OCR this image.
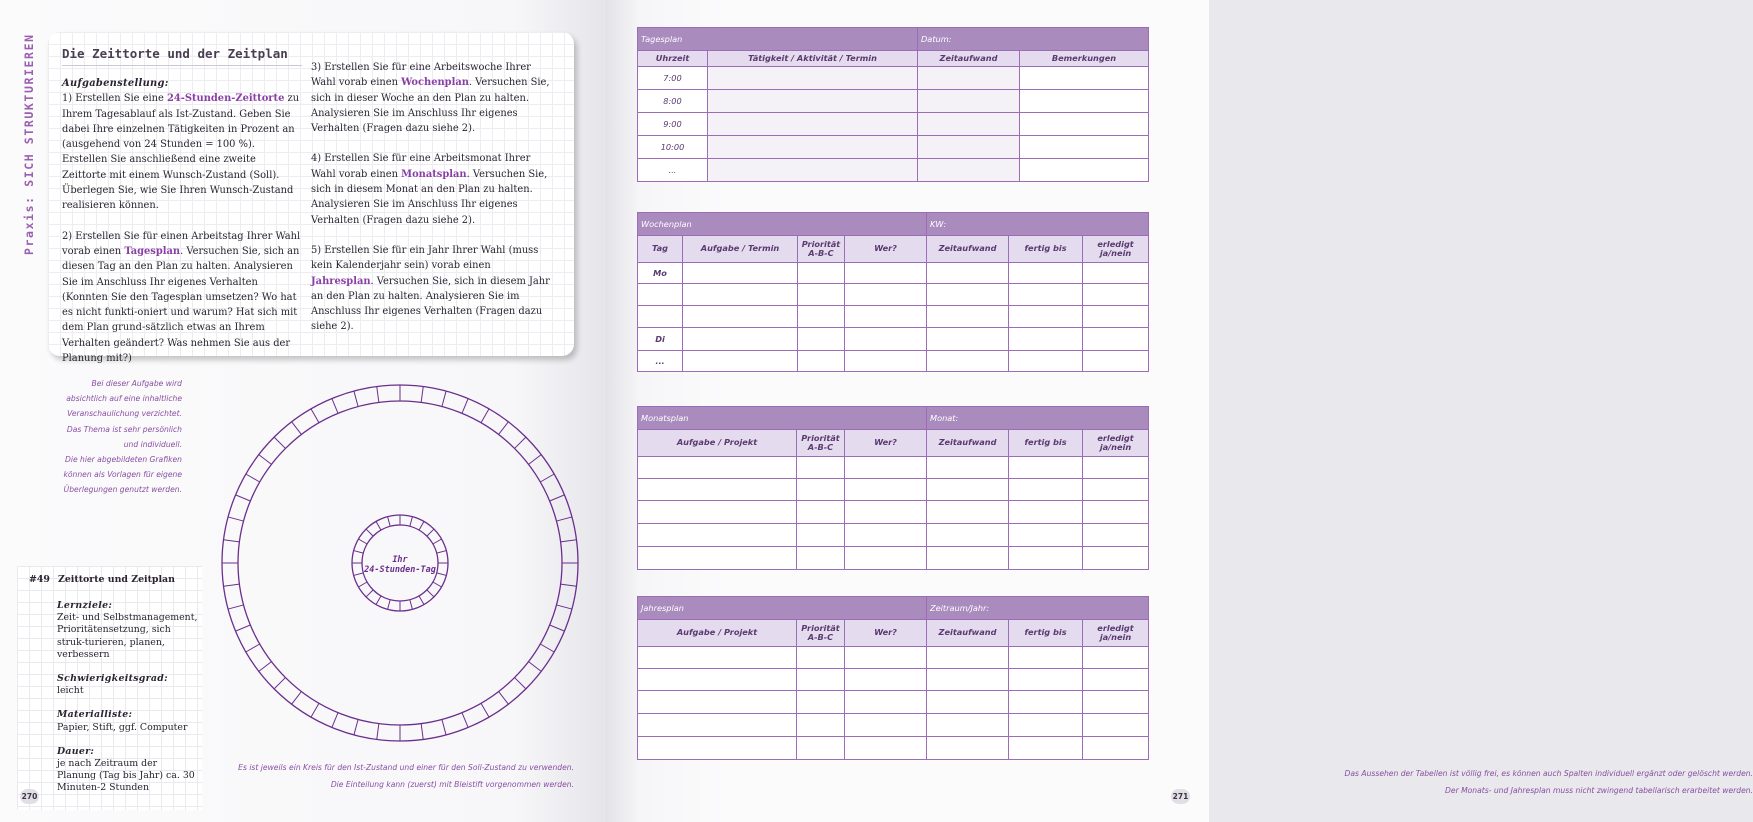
Praxis: SICH STRUKTURIEREN	Die Zeittorte und der Zeitplan
Aufgabenstellung:
1) Erstellen Sie eine 24-Stunden-Zeittorte zu Ihrem Tagesablauf als Ist-Zustand. Geben Sie dabei Ihre einzelnen Tätigkeiten in Prozent an (ausgehend von 24 Stunden = 100 %). Erstellen Sie anschließend eine zweite Zeittorte mit einem Wunsch-Zustand (Soll). Überlegen Sie, wie Sie Ihren Wunsch-Zustand realisieren können.
2) Erstellen Sie für einen Arbeitstag Ihrer Wahl vorab einen Tagesplan. Versuchen Sie, sich an diesen Tag an den Plan zu halten. Analysieren Sie im Anschluss Ihr eigenes Verhalten (Konnten Sie den Tagesplan umsetzen? Wo hat es nicht funkti-oniert und warum? Hat sich mit dem Plan grund-sätzlich etwas an Ihrem Verhalten geändert? Was nehmen Sie aus der Planung mit?)
3) Erstellen Sie für eine Arbeitswoche Ihrer Wahl vorab einen Wochenplan. Versuchen Sie, sich in dieser Woche an den Plan zu halten. Analysieren Sie im Anschluss Ihr eigenes Verhalten (Fragen dazu siehe 2).
4) Erstellen Sie für eine Arbeitsmonat Ihrer Wahl vorab einen Monatsplan. Versuchen Sie, sich in diesem Monat an den Plan zu halten. Analysieren Sie im Anschluss Ihr eigenes Verhalten (Fragen dazu siehe 2).
5) Erstellen Sie für ein Jahr Ihrer Wahl (muss kein Kalenderjahr sein) vorab einen Jahresplan. Versuchen Sie, sich in diesem Jahr an den Plan zu halten. Analysieren Sie im Anschluss Ihr eigenes Verhalten (Fragen dazu siehe 2).
Bei dieser Aufgabe wird
absichtlich auf eine inhaltliche
Veranschaulichung verzichtet.
Das Thema ist sehr persönlich
und individuell.
Die hier abgebildeten Grafiken
können als Vorlagen für eigene
Überlegungen genutzt werden.
#49 Zeittorte und Zeitplan
Lernziele:
Zeit- und Selbstmanagement, Prioritätensetzung, sich struk-turieren, planen, verbessern
Schwierigkeitsgrad:
leicht
Materialliste:
Papier, Stift, ggf. Computer
Dauer:
je nach Zeitraum der Planung (Tag bis Jahr) ca. 30 Minuten-2 Stunden
Ihr
24-Stunden-Tag
Es ist jeweils ein Kreis für den Ist-Zustand und einer für den Soll-Zustand zu verwenden.
Die Einteilung kann (zuerst) mit Bleistift vorgenommen werden.
270
Tagesplan		Datum:	
Uhrzeit	Tätigkeit / Aktivität / Termin	Zeitaufwand	Bemerkungen
7:00			
8:00			
9:00			
10:00			
...			
Wochenplan				KW:		
Tag	Aufgabe / Termin	Priorität A-B-C	Wer?	Zeitaufwand	fertig bis	erledigt ja/nein
Mo						

Di						
...						
Monatsplan			Monat:		
Aufgabe / Projekt	Priorität A-B-C	Wer?	Zeitaufwand	fertig bis	erledigt ja/nein

Jahresplan			Zeitraum/Jahr:		
Aufgabe / Projekt	Priorität A-B-C	Wer?	Zeitaufwand	fertig bis	erledigt ja/nein

Das Aussehen der Tabellen ist völlig frei, es können auch Spalten individuell ergänzt oder gelöscht werden.
Der Monats- und Jahresplan muss nicht zwingend tabellarisch erarbeitet werden.
271
